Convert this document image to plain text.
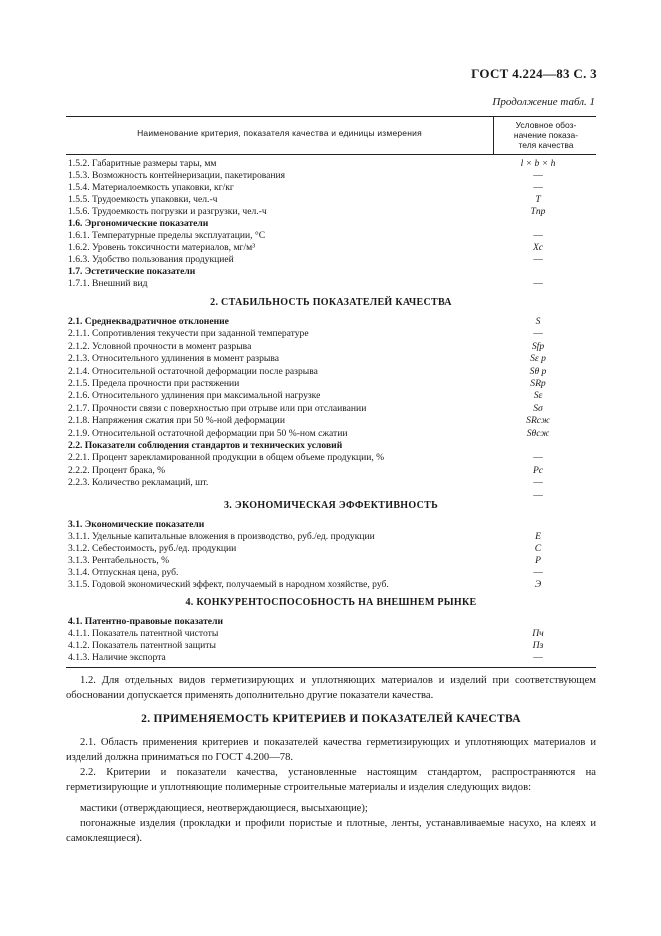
ГОСТ 4.224—83 С. 3
Продолжение табл. 1
Наименование критерия, показателя качества и единицы измерения
Условное обоз-
начение показа-
теля качества
1.5.2. Габаритные размеры тары, мм	l × b × h
1.5.3. Возможность контейнеризации, пакетирования	—
1.5.4. Материалоемкость упаковки, кг/кг	—
1.5.5. Трудоемкость упаковки, чел.-ч	T
1.5.6. Трудоемкость погрузки и разгрузки, чел.-ч	Tпр
1.6. Эргономические показатели
1.6.1. Температурные пределы эксплуатации, °С	—
1.6.2. Уровень токсичности материалов, мг/м³	Xс
1.6.3. Удобство пользования продукцией	—
1.7. Эстетические показатели
1.7.1. Внешний вид	—
2. СТАБИЛЬНОСТЬ ПОКАЗАТЕЛЕЙ КАЧЕСТВА
2.1. Среднеквадратичное отклонение	S
2.1.1. Сопротивления текучести при заданной температуре	—
2.1.2. Условной прочности в момент разрыва	Sfp
2.1.3. Относительного удлинения в момент разрыва	Sε p
2.1.4. Относительной остаточной деформации после разрыва	Sθ p
2.1.5. Предела прочности при растяжении	SRp
2.1.6. Относительного удлинения при максимальной нагрузке	Sε
2.1.7. Прочности связи с поверхностью при отрыве или при отслаивании	Sσ
2.1.8. Напряжения сжатия при 50 %-ной деформации	SRсж
2.1.9. Относительной остаточной деформации при 50 %-ном сжатии	Sθсж
2.2. Показатели соблюдения стандартов и технических условий
2.2.1. Процент зарекламированной продукции в общем объеме продукции, %	—
2.2.2. Процент брака, %	Pc
2.2.3. Количество рекламаций, шт.	—
—
3. ЭКОНОМИЧЕСКАЯ ЭФФЕКТИВНОСТЬ
3.1. Экономические показатели
3.1.1. Удельные капитальные вложения в производство, руб./ед. продукции	E
3.1.2. Себестоимость, руб./ед. продукции	C
3.1.3. Рентабельность, %	P
3.1.4. Отпускная цена, руб.	—
3.1.5. Годовой экономический эффект, получаемый в народном хозяйстве, руб.	Э
4. КОНКУРЕНТОСПОСОБНОСТЬ НА ВНЕШНЕМ РЫНКЕ
4.1. Патентно-правовые показатели
4.1.1. Показатель патентной чистоты	Пч
4.1.2. Показатель патентной защиты	Пз
4.1.3. Наличие экспорта	—

1.2. Для отдельных видов герметизирующих и уплотняющих материалов и изделий при соответствующем обосновании допускается применять дополнительно другие показатели качества.

2. ПРИМЕНЯЕМОСТЬ КРИТЕРИЕВ И ПОКАЗАТЕЛЕЙ КАЧЕСТВА

2.1. Область применения критериев и показателей качества герметизирующих и уплотняющих материалов и изделий должна приниматься по ГОСТ 4.200—78.

2.2. Критерии и показатели качества, установленные настоящим стандартом, распространяются на герметизирующие и уплотняющие полимерные строительные материалы и изделия следующих видов:

мастики (отверждающиеся, неотверждающиеся, высыхающие);

погонажные изделия (прокладки и профили пористые и плотные, ленты, устанавливаемые насухо, на клеях и самоклеящиеся).
